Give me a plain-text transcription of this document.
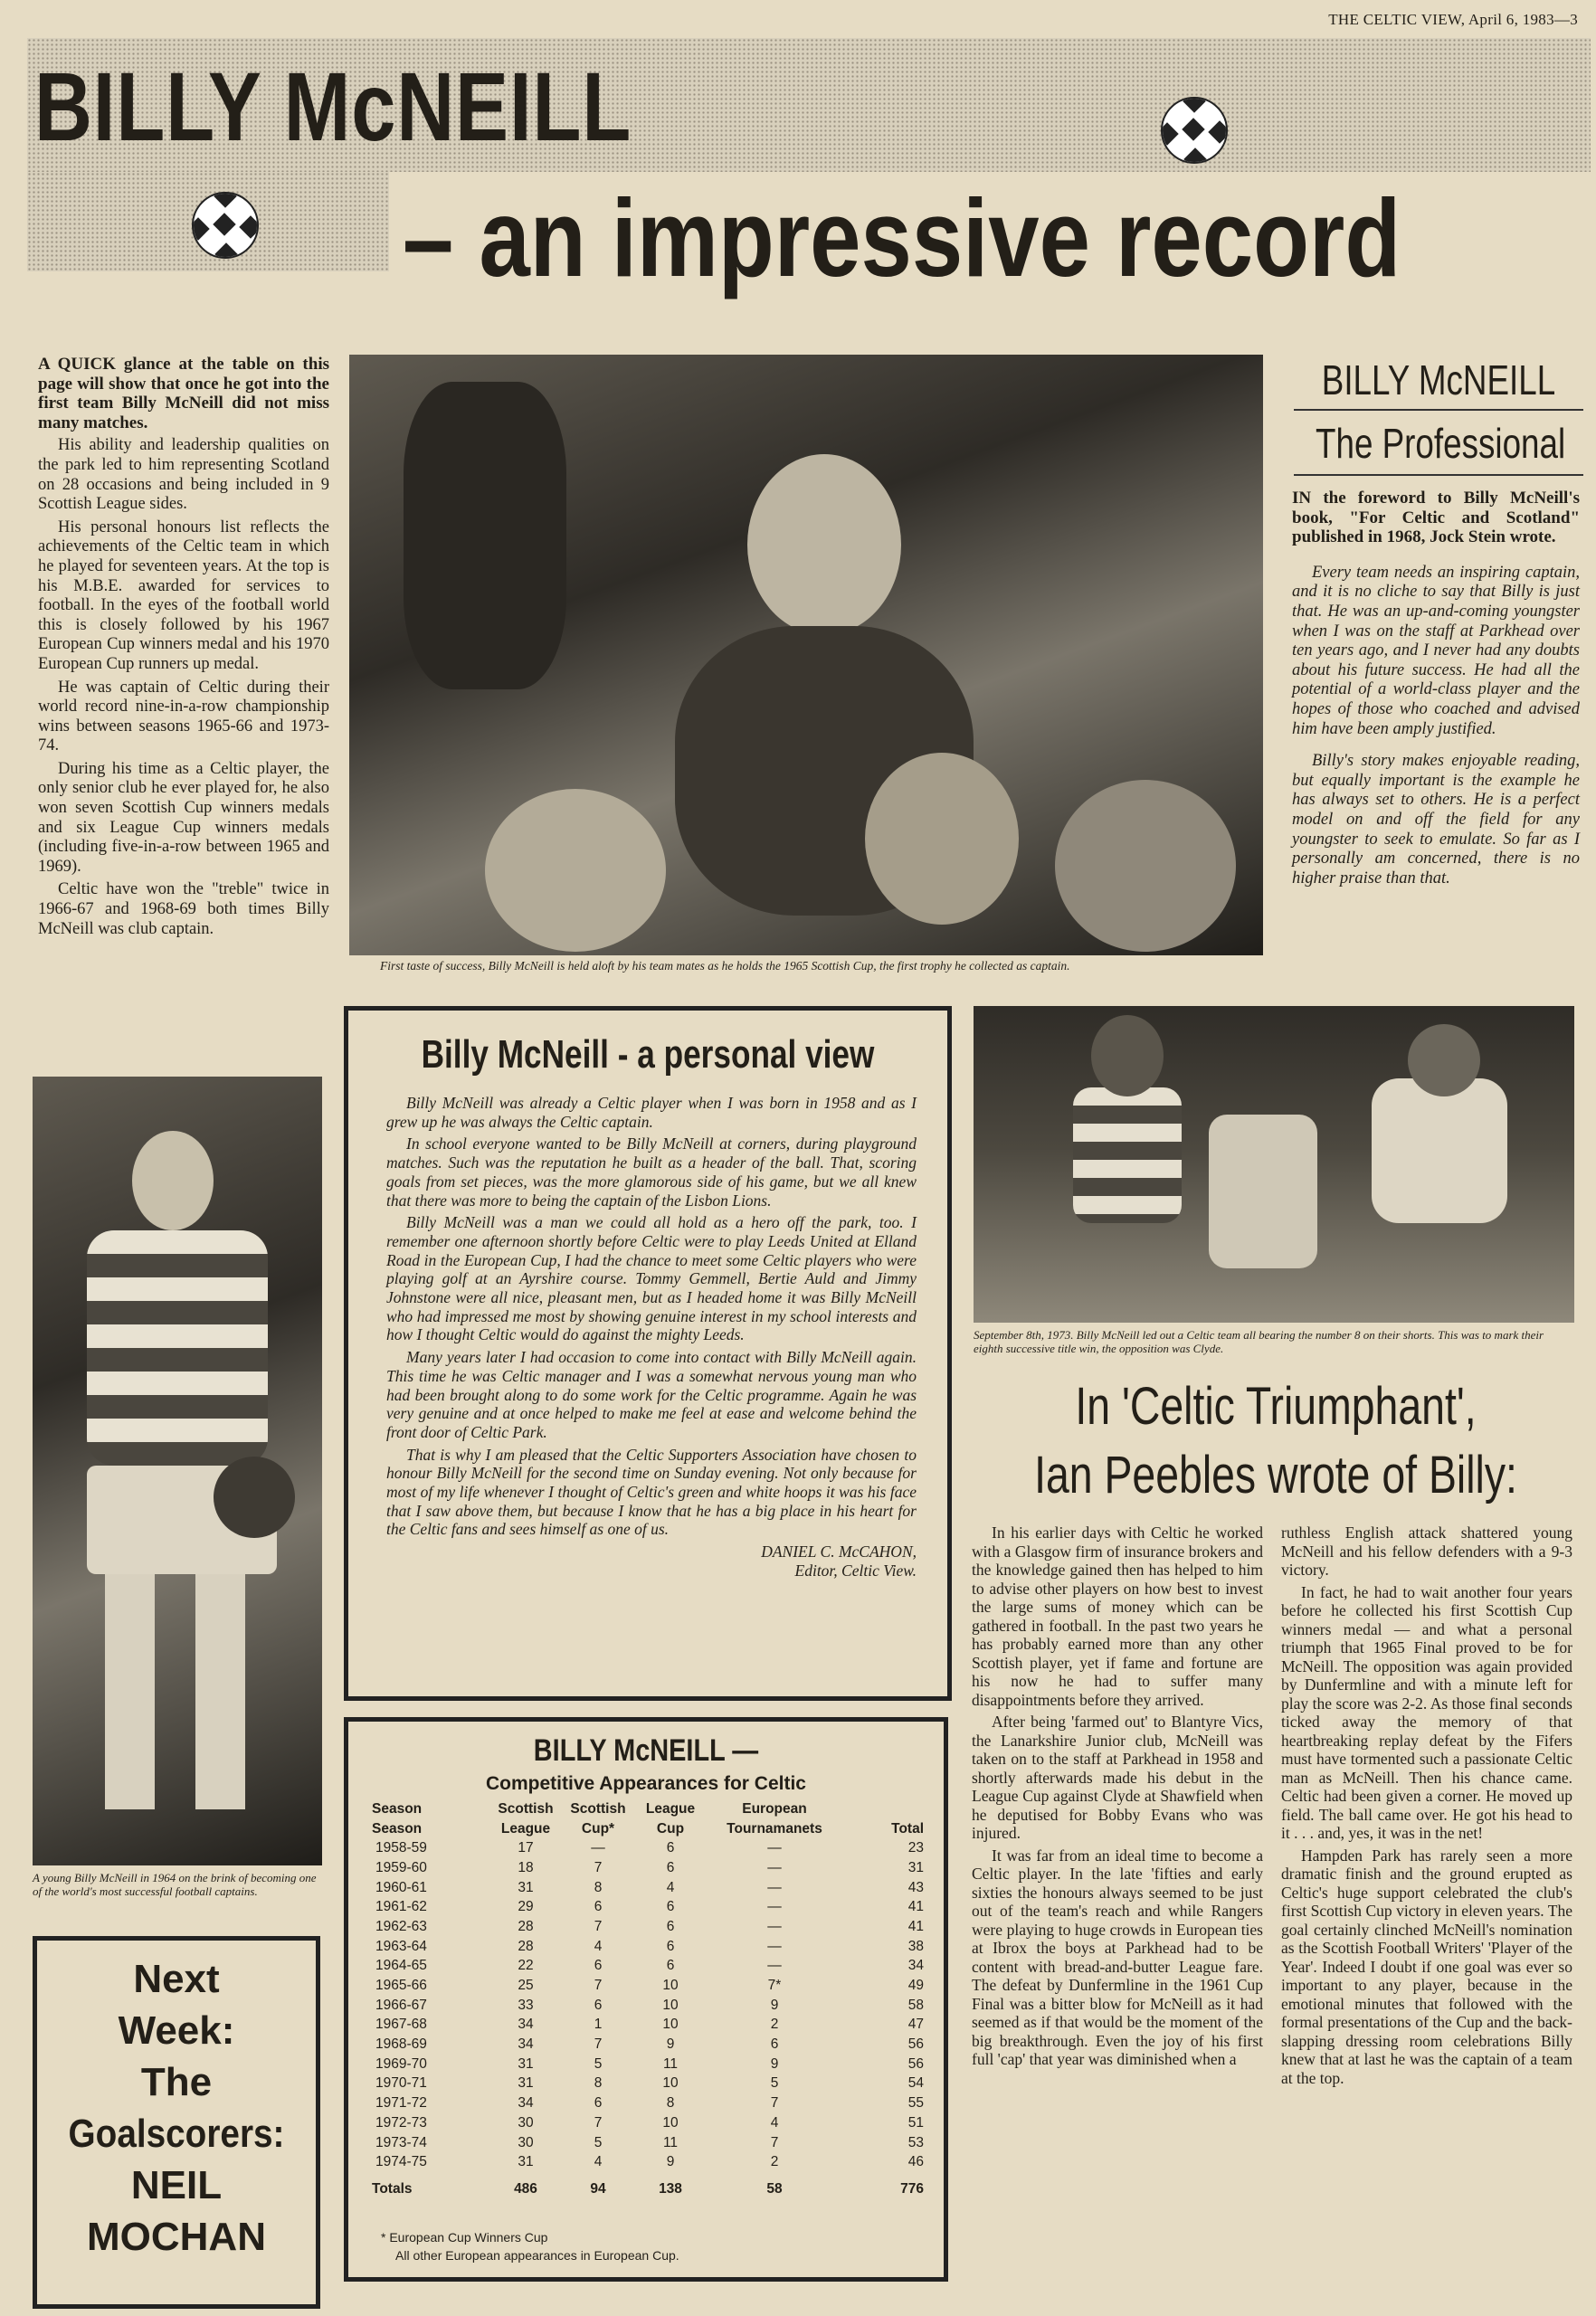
THE CELTIC VIEW, April 6, 1983—3
BILLY McNEILL
– an impressive record

A QUICK glance at the table on this page will show that once he got into the first team Billy McNeill did not miss many matches.

His ability and leadership qualities on the park led to him representing Scotland on 28 occasions and being included in 9 Scottish League sides.

His personal honours list reflects the achievements of the Celtic team in which he played for seventeen years. At the top is his M.B.E. awarded for services to football. In the eyes of the football world this is closely followed by his 1967 European Cup winners medal and his 1970 European Cup runners up medal.

He was captain of Celtic during their world record nine-in-a-row championship wins between seasons 1965-66 and 1973-74.

During his time as a Celtic player, the only senior club he ever played for, he also won seven Scottish Cup winners medals and six League Cup winners medals (including five-in-a-row between 1965 and 1969).

Celtic have won the "treble" twice in 1966-67 and 1968-69 both times Billy McNeill was club captain.

First taste of success, Billy McNeill is held aloft by his team mates as he holds the 1965 Scottish Cup, the first trophy he collected as captain.
BILLY McNEILL
The Professional

IN the foreword to Billy McNeill's book, "For Celtic and Scotland" published in 1968, Jock Stein wrote.

Every team needs an inspiring captain, and it is no cliche to say that Billy is just that. He was an up-and-coming youngster when I was on the staff at Parkhead over ten years ago, and I never had any doubts about his future success. He had all the potential of a world-class player and the hopes of those who coached and advised him have been amply justified.

Billy's story makes enjoyable reading, but equally important is the example he has always set to others. He is a perfect model on and off the field for any youngster to seek to emulate. So far as I personally am concerned, there is no higher praise than that.

A young Billy McNeill in 1964 on the brink of becoming one of the world's most successful football captains.
Next
Week:
The
Goalscorers:
NEIL
MOCHAN
Billy McNeill - a personal view

Billy McNeill was already a Celtic player when I was born in 1958 and as I grew up he was always the Celtic captain.

In school everyone wanted to be Billy McNeill at corners, during playground matches. Such was the reputation he built as a header of the ball. That, scoring goals from set pieces, was the more glamorous side of his game, but we all knew that there was more to being the captain of the Lisbon Lions.

Billy McNeill was a man we could all hold as a hero off the park, too. I remember one afternoon shortly before Celtic were to play Leeds United at Elland Road in the European Cup, I had the chance to meet some Celtic players who were playing golf at an Ayrshire course. Tommy Gemmell, Bertie Auld and Jimmy Johnstone were all nice, pleasant men, but as I headed home it was Billy McNeill who had impressed me most by showing genuine interest in my school interests and how I thought Celtic would do against the mighty Leeds.

Many years later I had occasion to come into contact with Billy McNeill again. This time he was Celtic manager and I was a somewhat nervous young man who had been brought along to do some work for the Celtic programme. Again he was very genuine and at once helped to make me feel at ease and welcome behind the front door of Celtic Park.

That is why I am pleased that the Celtic Supporters Association have chosen to honour Billy McNeill for the second time on Sunday evening. Not only because for most of my life whenever I thought of Celtic's green and white hoops it was his face that I saw above them, but because I know that he has a big place in his heart for the Celtic fans and sees himself as one of us.

DANIEL C. McCAHON,
Editor, Celtic View.
BILLY McNEILL —
Competitive Appearances for Celtic
Season	Scottish	Scottish	League	European	
Season	League	Cup*	Cup	Tournamanets	Total
1958-59	17	—	6	—	23
1959-60	18	7	6	—	31
1960-61	31	8	4	—	43
1961-62	29	6	6	—	41
1962-63	28	7	6	—	41
1963-64	28	4	6	—	38
1964-65	22	6	6	—	34
1965-66	25	7	10	7*	49
1966-67	33	6	10	9	58
1967-68	34	1	10	2	47
1968-69	34	7	9	6	56
1969-70	31	5	11	9	56
1970-71	31	8	10	5	54
1971-72	34	6	8	7	55
1972-73	30	7	10	4	51
1973-74	30	5	11	7	53
1974-75	31	4	9	2	46
Totals	486	94	138	58	776
* European Cup Winners Cup
All other European appearances in European Cup.
September 8th, 1973. Billy McNeill led out a Celtic team all bearing the number 8 on their shorts. This was to mark their eighth successive title win, the opposition was Clyde.
In 'Celtic Triumphant',
Ian Peebles wrote of Billy:

In his earlier days with Celtic he worked with a Glasgow firm of insurance brokers and the knowledge gained then has helped to him to advise other players on how best to invest the large sums of money which can be gathered in football. In the past two years he has probably earned more than any other Scottish player, yet if fame and fortune are his now he had to suffer many disappointments before they arrived.

After being 'farmed out' to Blantyre Vics, the Lanarkshire Junior club, McNeill was taken on to the staff at Parkhead in 1958 and shortly afterwards made his debut in the League Cup against Clyde at Shawfield when he deputised for Bobby Evans who was injured.

It was far from an ideal time to become a Celtic player. In the late 'fifties and early sixties the honours always seemed to be just out of the team's reach and while Rangers were playing to huge crowds in European ties at Ibrox the boys at Parkhead had to be content with bread-and-butter League fare. The defeat by Dunfermline in the 1961 Cup Final was a bitter blow for McNeill as it had seemed as if that would be the moment of the big breakthrough. Even the joy of his first full 'cap' that year was diminished when a

ruthless English attack shattered young McNeill and his fellow defenders with a 9-3 victory.

In fact, he had to wait another four years before he collected his first Scottish Cup winners medal — and what a personal triumph that 1965 Final proved to be for McNeill. The opposition was again provided by Dunfermline and with a minute left for play the score was 2-2. As those final seconds ticked away the memory of that heartbreaking replay defeat by the Fifers must have tormented such a passionate Celtic man as McNeill. Then his chance came. Celtic had been given a corner. He moved up field. The ball came over. He got his head to it . . . and, yes, it was in the net!

Hampden Park has rarely seen a more dramatic finish and the ground erupted as Celtic's huge support celebrated the club's first Scottish Cup victory in eleven years. The goal certainly clinched McNeill's nomination as the Scottish Football Writers' 'Player of the Year'. Indeed I doubt if one goal was ever so important to any player, because in the emotional minutes that followed with the formal presentations of the Cup and the back-slapping dressing room celebrations Billy knew that at last he was the captain of a team at the top.
